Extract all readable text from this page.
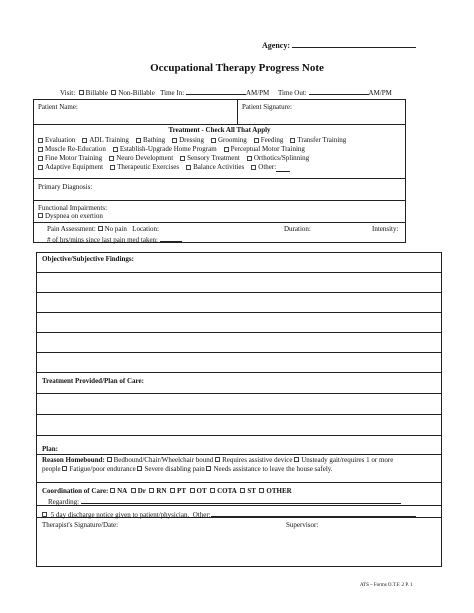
Agency:
Occupational Therapy Progress Note
Visit: Billable Non-Billable Time In:	AM/PM Time Out:	AM/PM
Patient Name:	Patient Signature:
Treatment - Check All That Apply
Evaluation ADL Training Bathing Dressing Grooming Feeding Transfer Training
Muscle Re-Education Establish-Upgrade Home Program Perceptual Motor Training
Fine Motor Training Neuro Development Sensory Treatment Orthotics/Splinning
Adaptive Equipment Therapeutic Exercises Balance Activities Other:
Primary Diagnosis:
Functional Impairments:
Dyspnea on exertion
Pain Assessment: No pain Location:	Duration:	Intensity:
# of hrs/mins since last pain med taken:
Objective/Subjective Findings:
Treatment Provided/Plan of Care:
Plan:
Reason Homebound: Bedbound/Chair/Wheelchair bound Requires assistive device Unsteady gait/requires 1 or more
people Fatigue/poor endurance Severe disabling pain Needs assistance to leave the house safely.
Coordination of Care: NA Dr RN PT OT COTA ST OTHER
Regarding:
5 day discharge notice given to patient/physician. Other:
Therapist's Signature/Date:	Supervisor:
ATS – Forms O.T.F. 2 P. 1
